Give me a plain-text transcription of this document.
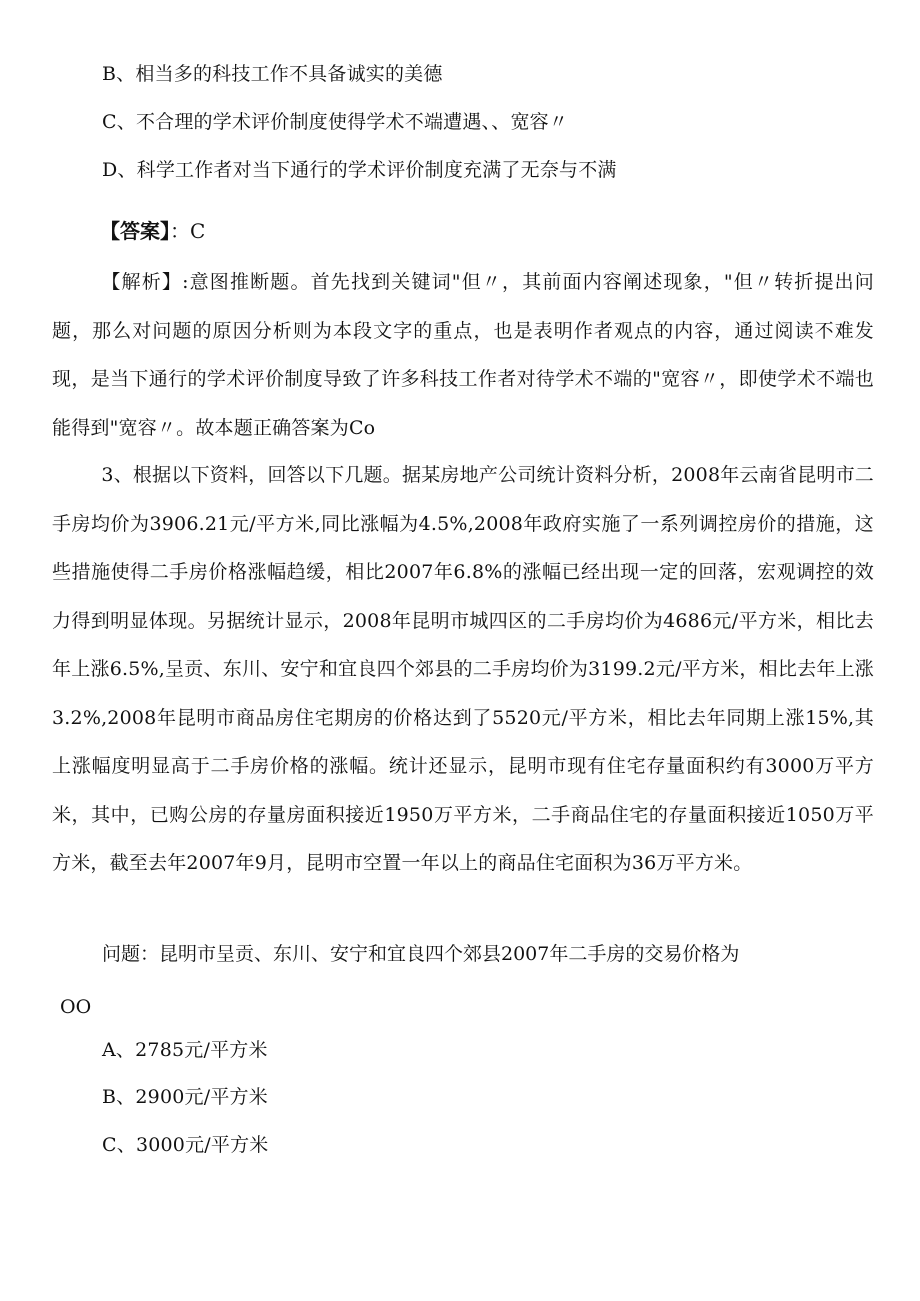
B、相当多的科技工作不具备诚实的美德
C、不合理的学术评价制度使得学术不端遭遇、、宽容〃
D、科学工作者对当下通行的学术评价制度充满了无奈与不满
【答案】：C
【解析】:意图推断题。首先找到关键词"但〃，其前面内容阐述现象，"但〃转折提出问题，那么对问题的原因分析则为本段文字的重点，也是表明作者观点的内容，通过阅读不难发现，是当下通行的学术评价制度导致了许多科技工作者对待学术不端的"宽容〃，即使学术不端也能得到"宽容〃。故本题正确答案为Co
3、根据以下资料，回答以下几题。据某房地产公司统计资料分析，2008年云南省昆明市二手房均价为3906.21元/平方米,同比涨幅为4.5%,2008年政府实施了一系列调控房价的措施，这些措施使得二手房价格涨幅趋缓，相比2007年6.8%的涨幅已经出现一定的回落，宏观调控的效力得到明显体现。另据统计显示，2008年昆明市城四区的二手房均价为4686元/平方米，相比去年上涨6.5%,呈贡、东川、安宁和宜良四个郊县的二手房均价为3199.2元/平方米，相比去年上涨3.2%,2008年昆明市商品房住宅期房的价格达到了5520元/平方米，相比去年同期上涨15%,其上涨幅度明显高于二手房价格的涨幅。统计还显示，昆明市现有住宅存量面积约有3000万平方米，其中，已购公房的存量房面积接近1950万平方米，二手商品住宅的存量面积接近1050万平方米，截至去年2007年9月，昆明市空置一年以上的商品住宅面积为36万平方米。
问题：昆明市呈贡、东川、安宁和宜良四个郊县2007年二手房的交易价格为
OO
A、2785元/平方米
B、2900元/平方米
C、3000元/平方米
